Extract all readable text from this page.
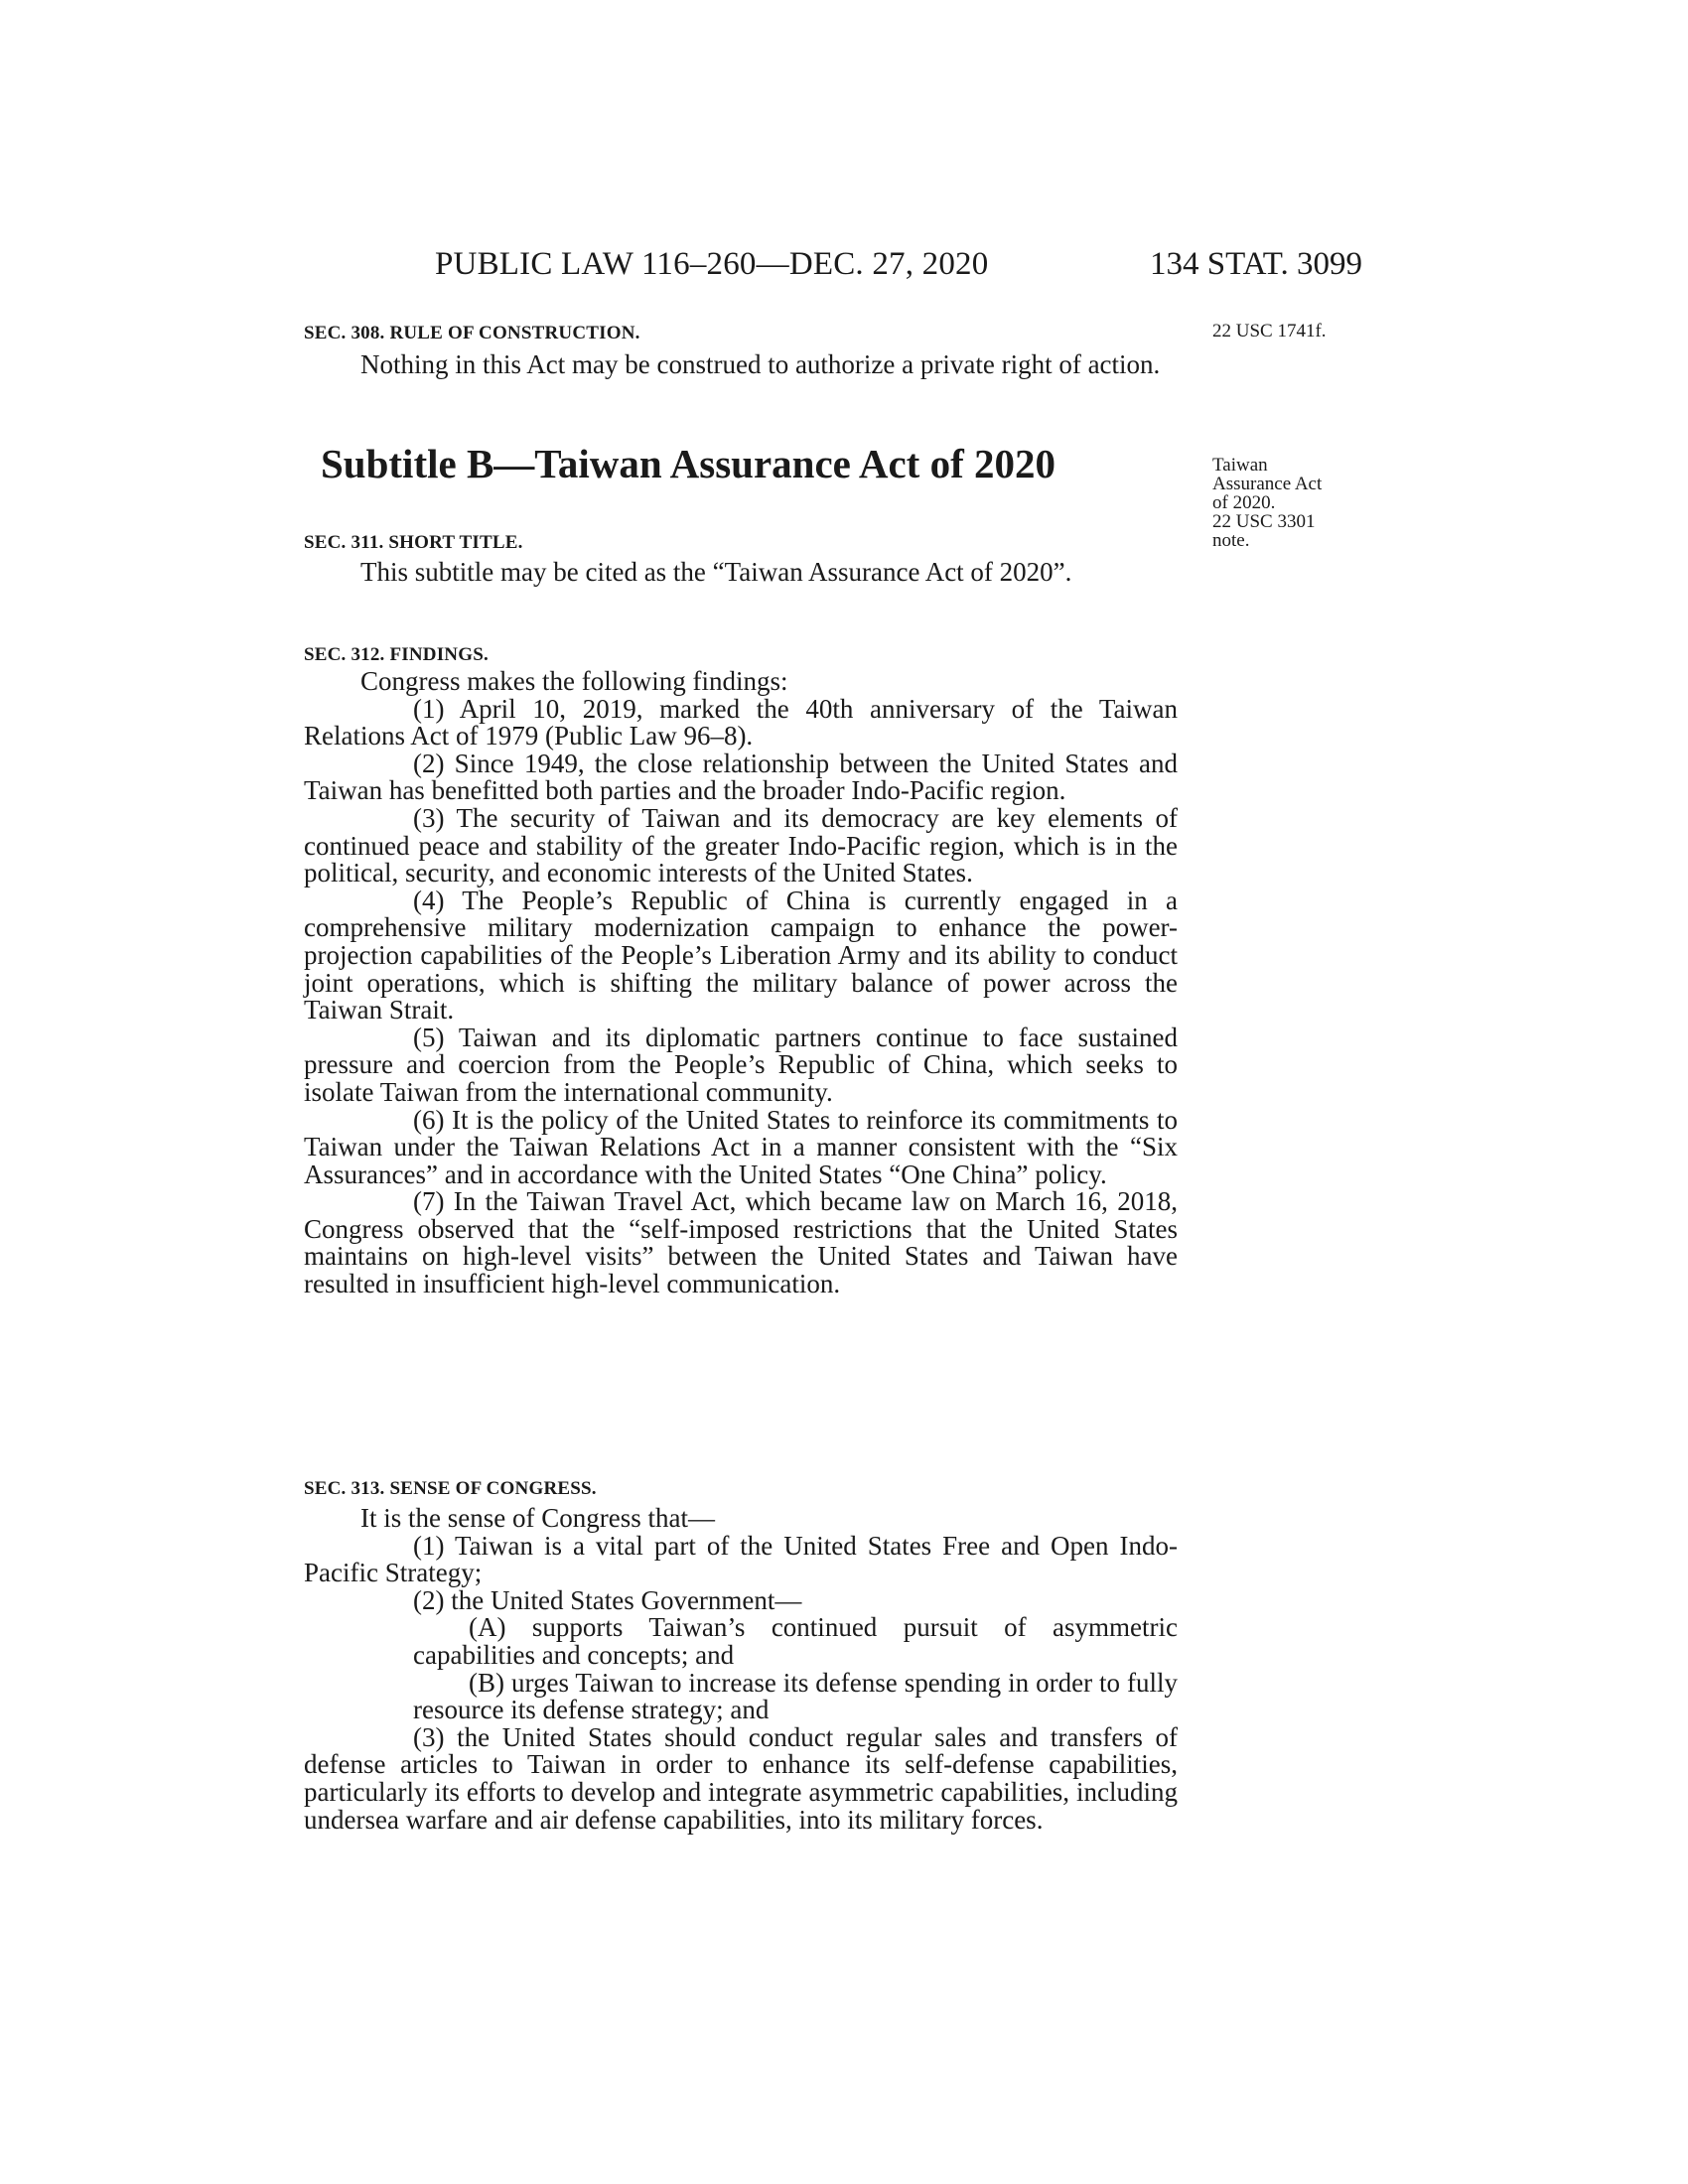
PUBLIC LAW 116–260—DEC. 27, 2020	134 STAT. 3099
SEC. 308. RULE OF CONSTRUCTION.	22 USC 1741f.

Nothing in this Act may be construed to authorize a private right of action.

Subtitle B—Taiwan Assurance Act of 2020	Taiwan
Assurance Act
of 2020.
22 USC 3301
note.
SEC. 311. SHORT TITLE.

This subtitle may be cited as the “Taiwan Assurance Act of 2020”.

SEC. 312. FINDINGS.

Congress makes the following findings:

(1) April 10, 2019, marked the 40th anniversary of the Taiwan Relations Act of 1979 (Public Law 96–8).

(2) Since 1949, the close relationship between the United States and Taiwan has benefitted both parties and the broader Indo-Pacific region.

(3) The security of Taiwan and its democracy are key elements of continued peace and stability of the greater Indo-Pacific region, which is in the political, security, and economic interests of the United States.

(4) The People’s Republic of China is currently engaged in a comprehensive military modernization campaign to enhance the power-projection capabilities of the People’s Liberation Army and its ability to conduct joint operations, which is shifting the military balance of power across the Taiwan Strait.

(5) Taiwan and its diplomatic partners continue to face sustained pressure and coercion from the People’s Republic of China, which seeks to isolate Taiwan from the international community.

(6) It is the policy of the United States to reinforce its commitments to Taiwan under the Taiwan Relations Act in a manner consistent with the “Six Assurances” and in accordance with the United States “One China” policy.

(7) In the Taiwan Travel Act, which became law on March 16, 2018, Congress observed that the “self-imposed restrictions that the United States maintains on high-level visits” between the United States and Taiwan have resulted in insufficient high-level communication.

SEC. 313. SENSE OF CONGRESS.

It is the sense of Congress that—

(1) Taiwan is a vital part of the United States Free and Open Indo-Pacific Strategy;

(2) the United States Government—

(A) supports Taiwan’s continued pursuit of asymmetric capabilities and concepts; and

(B) urges Taiwan to increase its defense spending in order to fully resource its defense strategy; and

(3) the United States should conduct regular sales and transfers of defense articles to Taiwan in order to enhance its self-defense capabilities, particularly its efforts to develop and integrate asymmetric capabilities, including undersea warfare and air defense capabilities, into its military forces.
